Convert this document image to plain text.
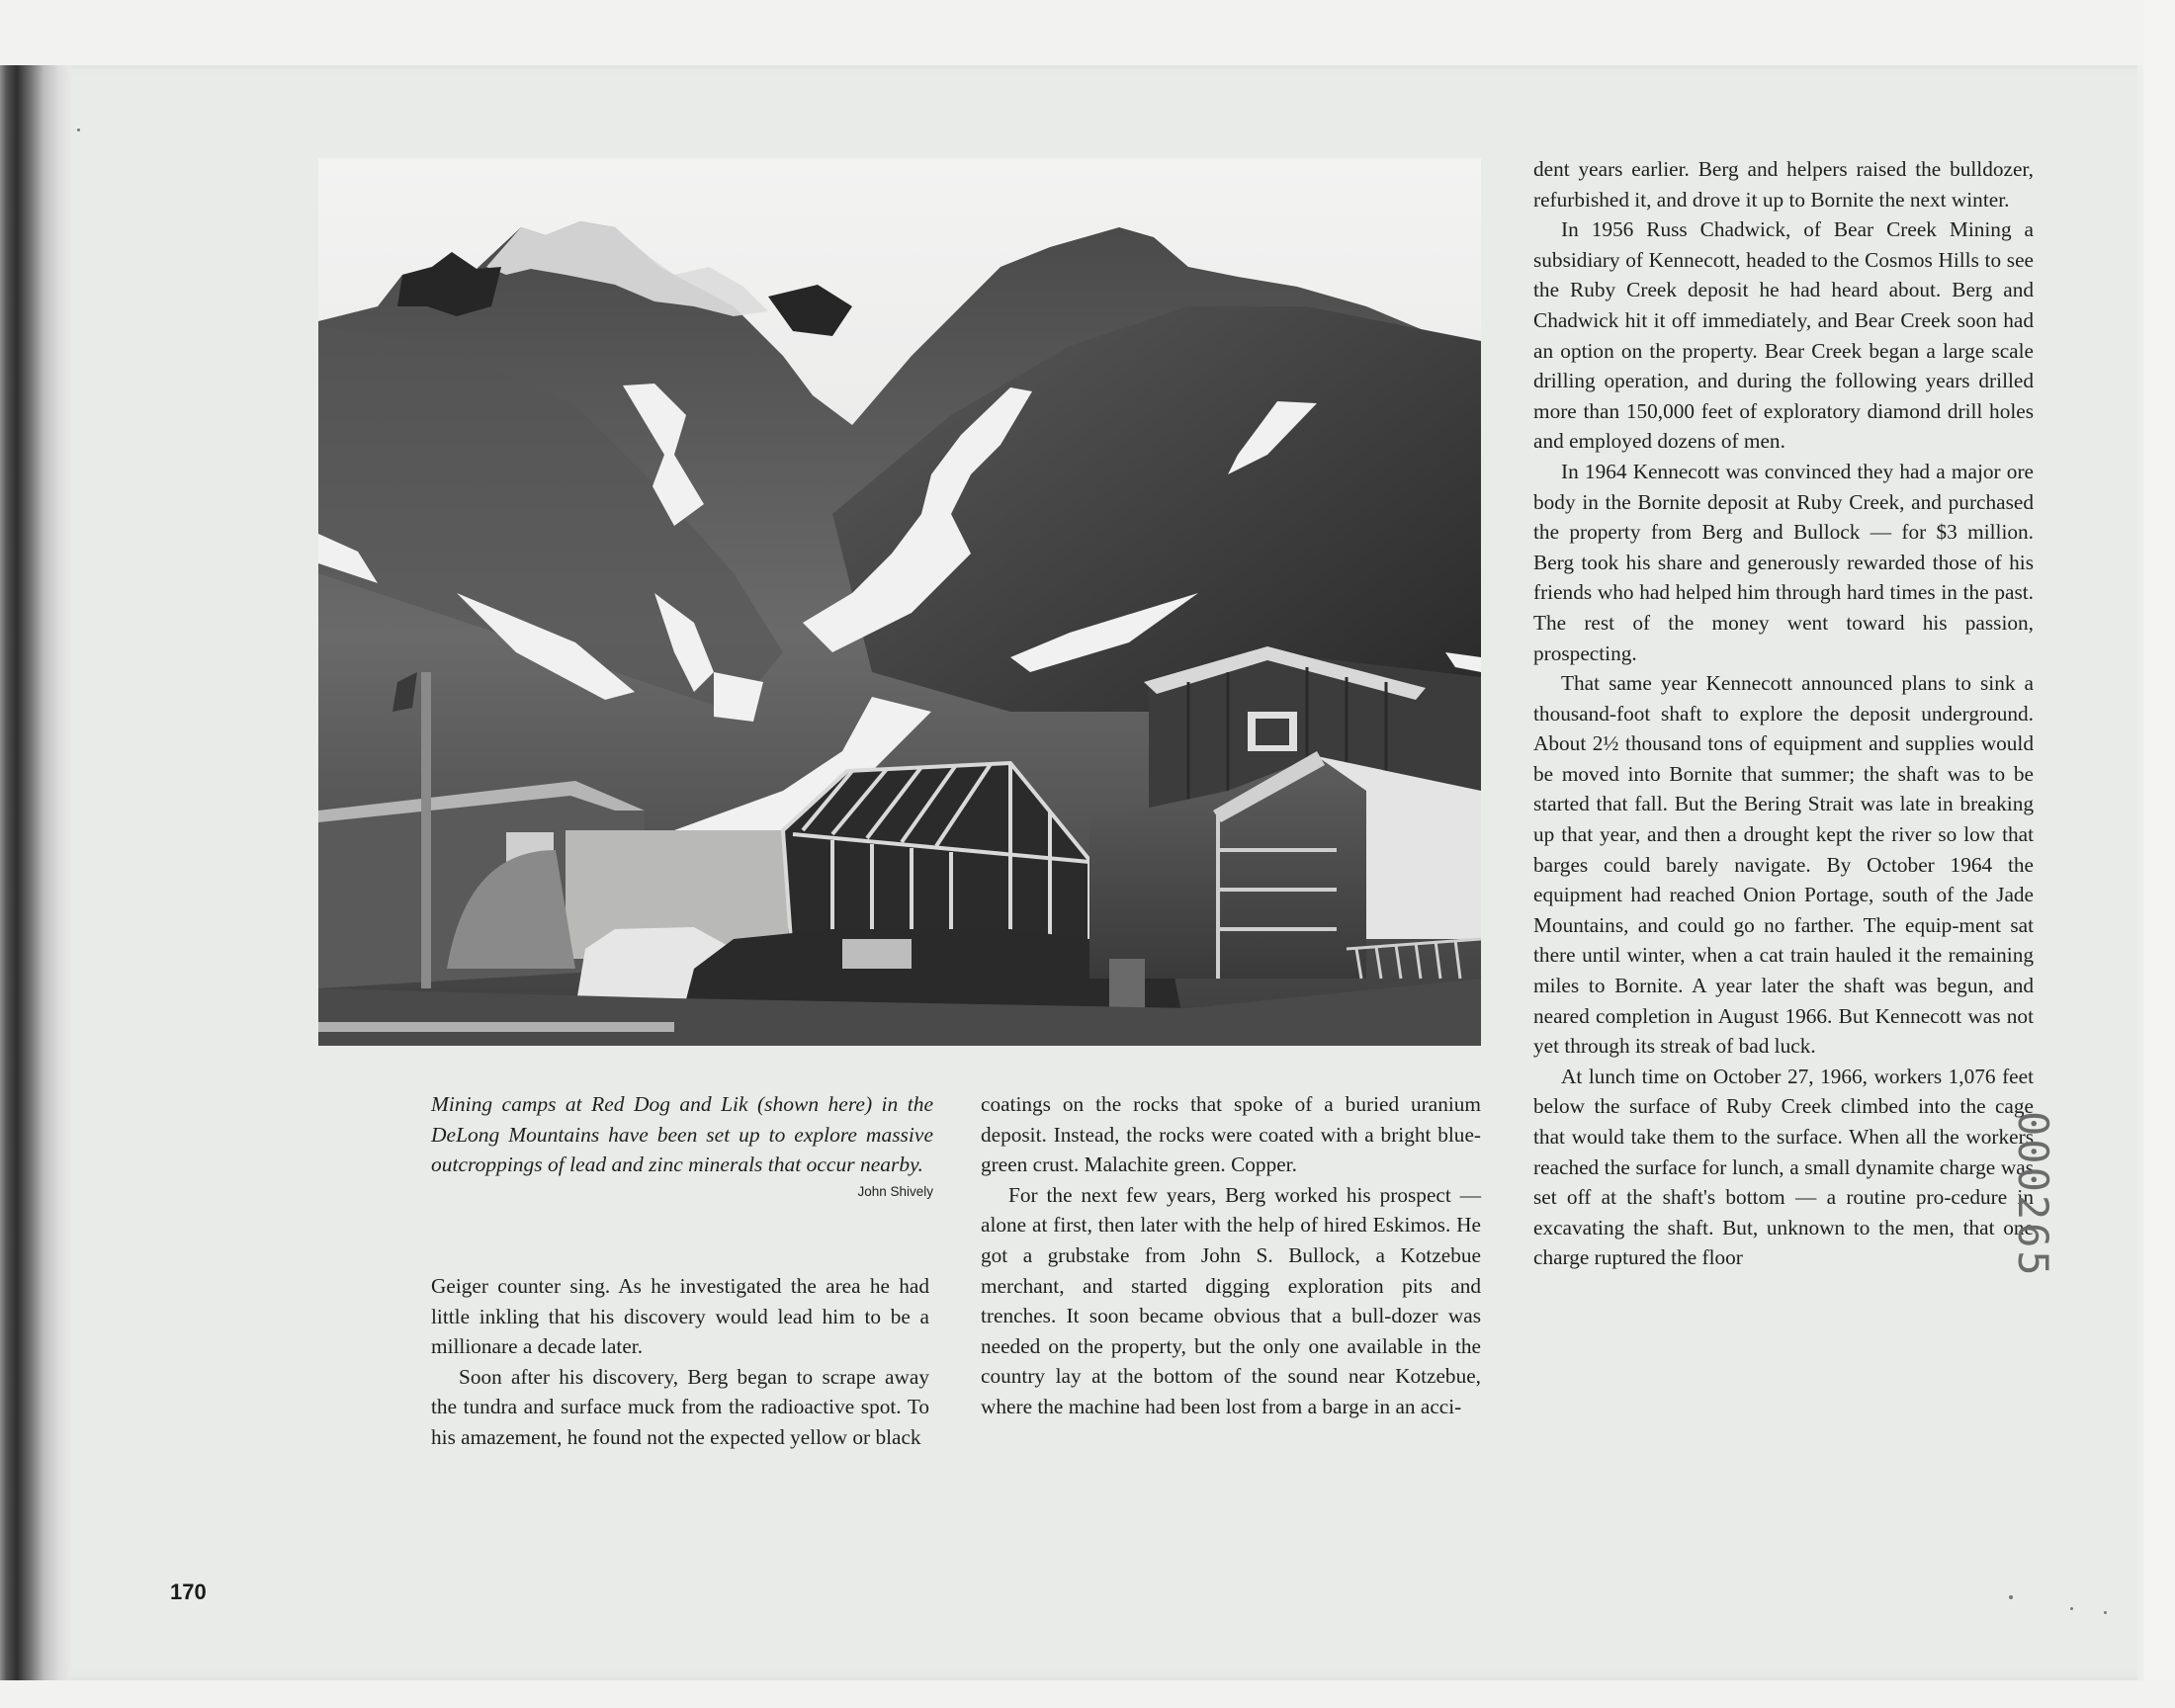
Mining camps at Red Dog and Lik (shown here) in the DeLong Mountains have been set up to explore massive outcroppings of lead and zinc minerals that occur nearby.
John Shively

Geiger counter sing. As he investigated the area he had little inkling that his discovery would lead him to be a millionare a decade later.

Soon after his discovery, Berg began to scrape away the tundra and surface muck from the radioactive spot. To his amazement, he found not the expected yellow or black

coatings on the rocks that spoke of a buried uranium deposit. Instead, the rocks were coated with a bright blue-green crust. Malachite green. Copper.

For the next few years, Berg worked his prospect — alone at first, then later with the help of hired Eskimos. He got a grubstake from John S. Bullock, a Kotzebue merchant, and started digging exploration pits and trenches. It soon became obvious that a bull-dozer was needed on the property, but the only one available in the country lay at the bottom of the sound near Kotzebue, where the machine had been lost from a barge in an acci-

dent years earlier. Berg and helpers raised the bulldozer, refurbished it, and drove it up to Bornite the next winter.

In 1956 Russ Chadwick, of Bear Creek Mining a subsidiary of Kennecott, headed to the Cosmos Hills to see the Ruby Creek deposit he had heard about. Berg and Chadwick hit it off immediately, and Bear Creek soon had an option on the property. Bear Creek began a large scale drilling operation, and during the following years drilled more than 150,000 feet of exploratory diamond drill holes and employed dozens of men.

In 1964 Kennecott was convinced they had a major ore body in the Bornite deposit at Ruby Creek, and purchased the property from Berg and Bullock — for $3 million. Berg took his share and generously rewarded those of his friends who had helped him through hard times in the past. The rest of the money went toward his passion, prospecting.

That same year Kennecott announced plans to sink a thousand-foot shaft to explore the deposit underground. About 2½ thousand tons of equipment and supplies would be moved into Bornite that summer; the shaft was to be started that fall. But the Bering Strait was late in breaking up that year, and then a drought kept the river so low that barges could barely navigate. By October 1964 the equipment had reached Onion Portage, south of the Jade Mountains, and could go no farther. The equip-ment sat there until winter, when a cat train hauled it the remaining miles to Bornite. A year later the shaft was begun, and neared completion in August 1966. But Kennecott was not yet through its streak of bad luck.

At lunch time on October 27, 1966, workers 1,076 feet below the surface of Ruby Creek climbed into the cage that would take them to the surface. When all the workers reached the surface for lunch, a small dynamite charge was set off at the shaft's bottom — a routine pro-cedure in excavating the shaft. But, unknown to the men, that one charge ruptured the floor

170
000265
